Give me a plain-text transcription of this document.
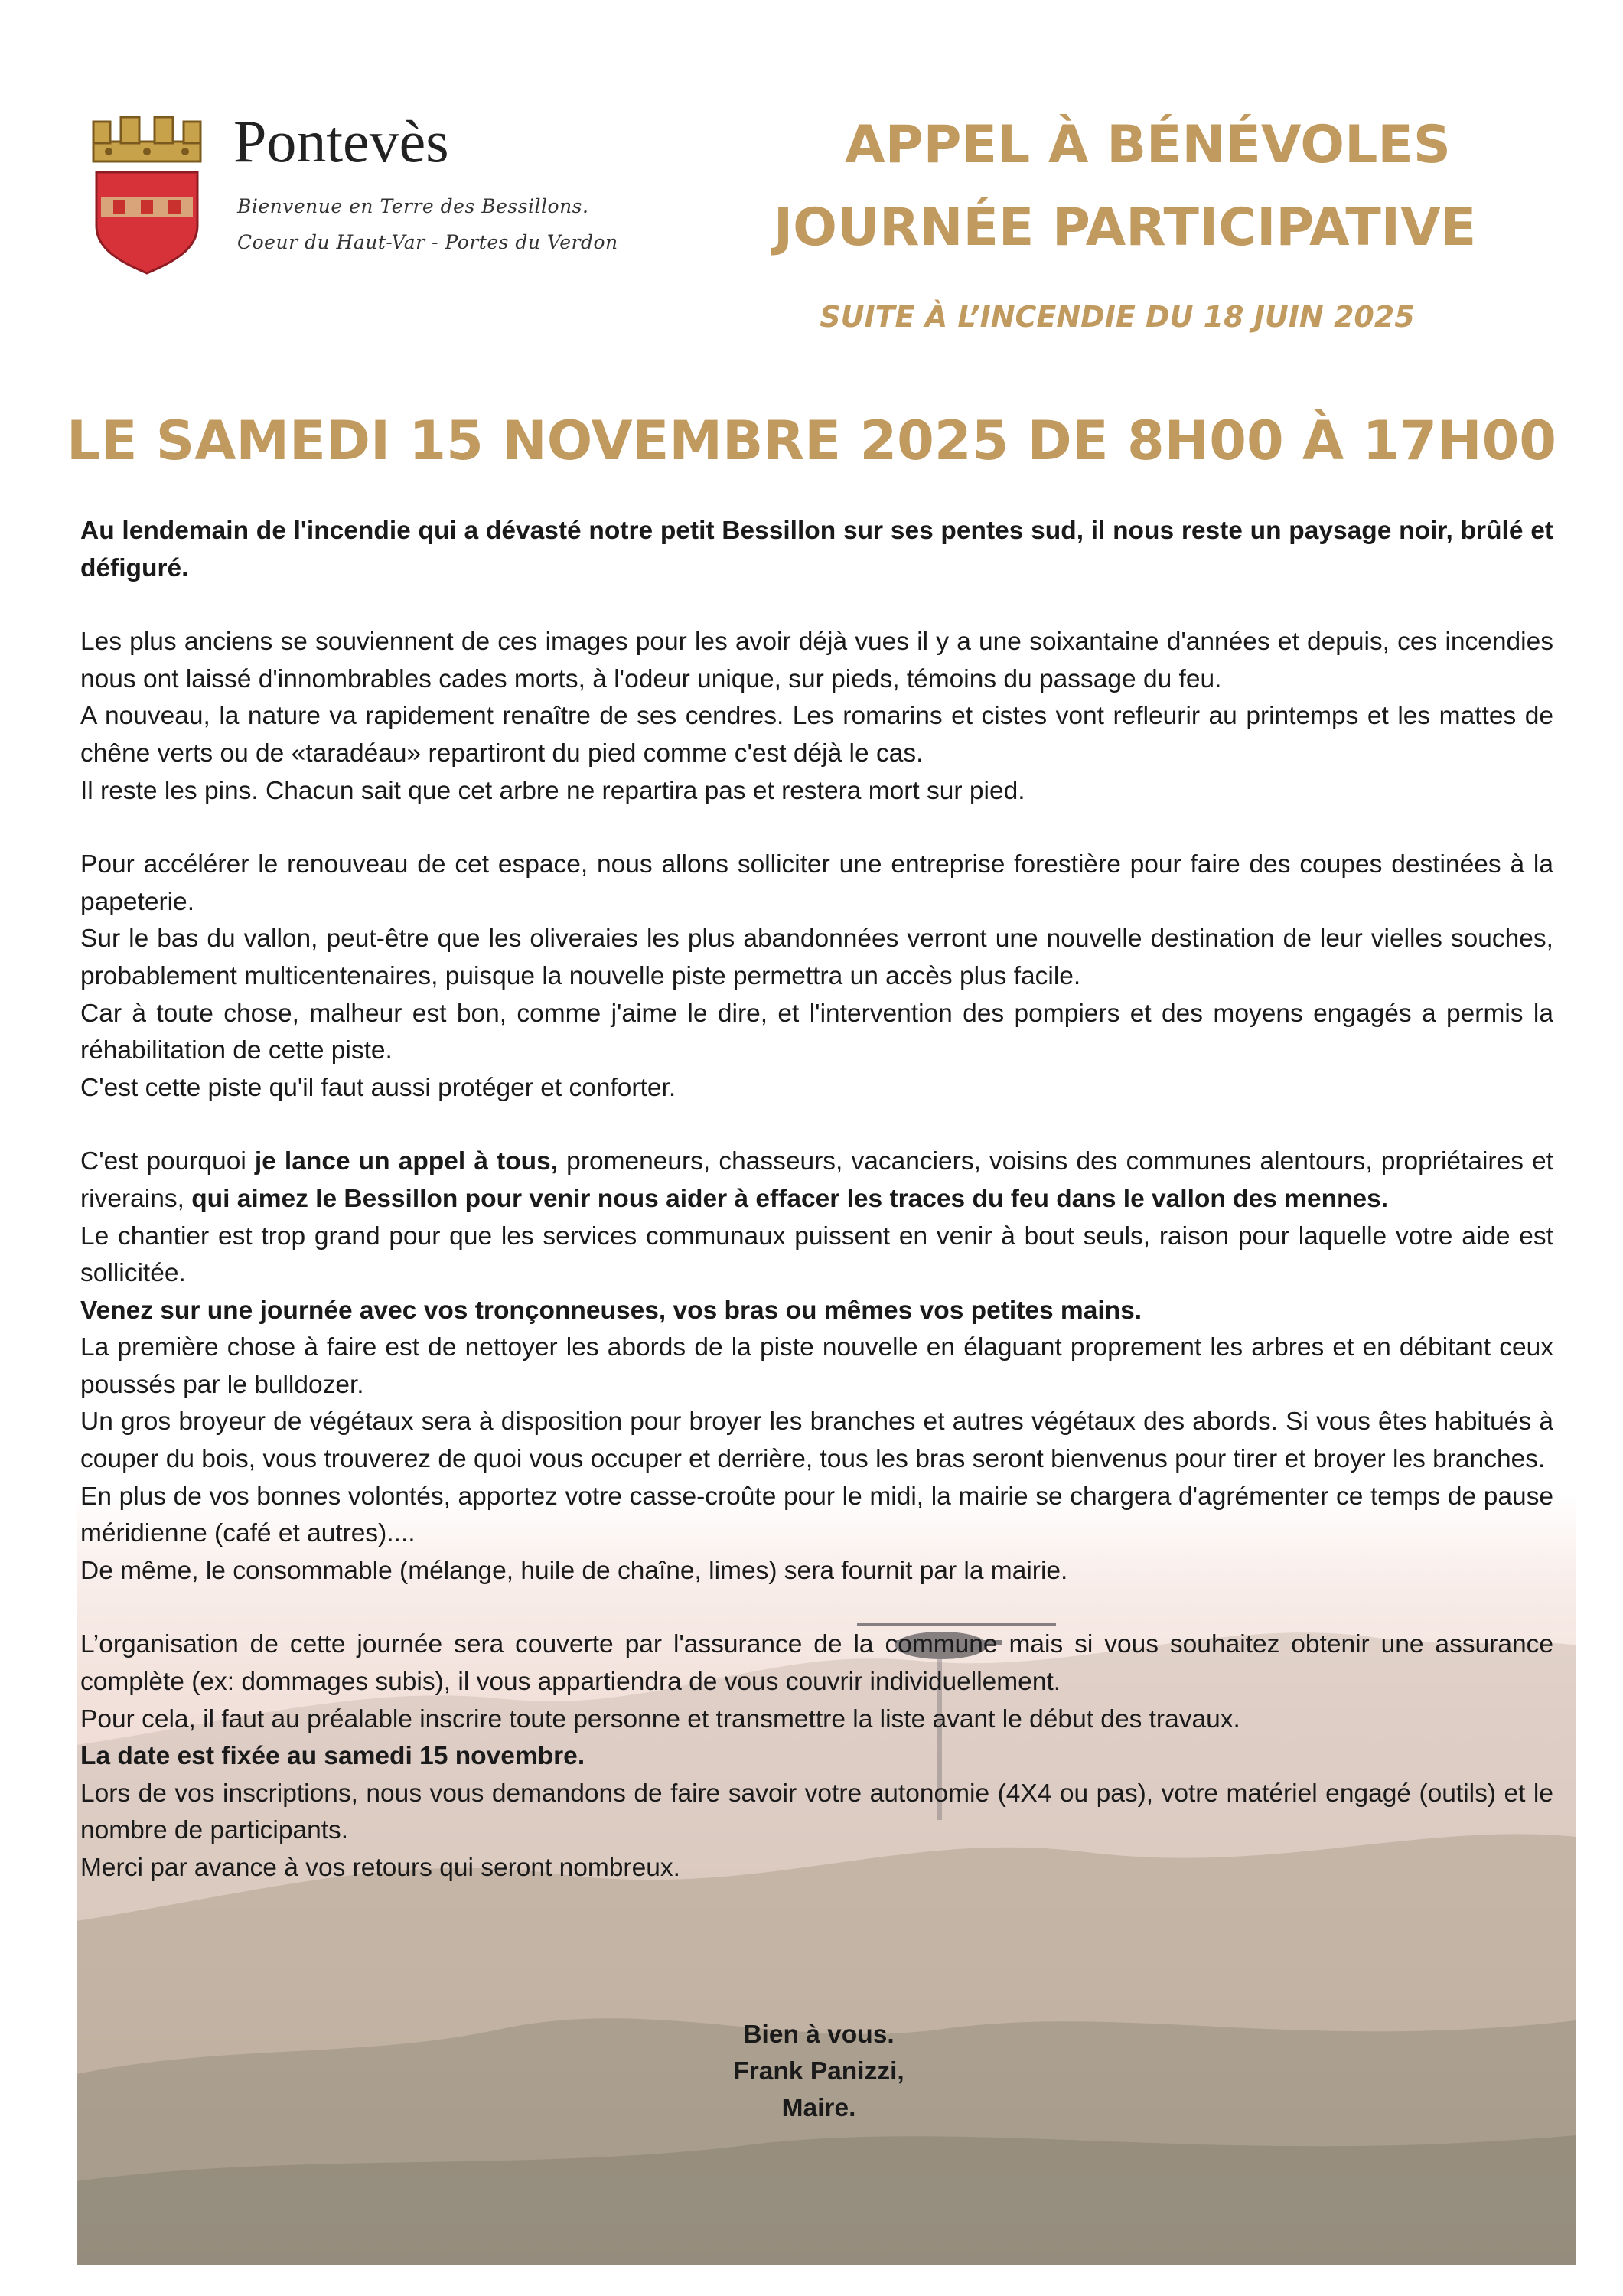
Pontevès
Bienvenue en Terre des Bessillons.
Coeur du Haut-Var - Portes du Verdon
APPEL À BÉNÉVOLES
JOURNÉE PARTICIPATIVE
SUITE À L’INCENDIE DU 18 JUIN 2025
LE SAMEDI 15 NOVEMBRE 2025 DE 8H00 À 17H00

Au lendemain de l'incendie qui a dévasté notre petit Bessillon sur ses pentes sud, il nous reste un paysage noir, brûlé et défiguré.

Les plus anciens se souviennent de ces images pour les avoir déjà vues il y a une soixantaine d'années et depuis, ces incendies nous ont laissé d'innombrables cades morts, à l'odeur unique, sur pieds, témoins du passage du feu.
A nouveau, la nature va rapidement renaître de ses cendres. Les romarins et cistes vont refleurir au printemps et les mattes de chêne verts ou de «taradéau» repartiront du pied comme c'est déjà le cas.
Il reste les pins. Chacun sait que cet arbre ne repartira pas et restera mort sur pied.

Pour accélérer le renouveau de cet espace, nous allons solliciter une entreprise forestière pour faire des coupes destinées à la papeterie.
Sur le bas du vallon, peut-être que les oliveraies les plus abandonnées verront une nouvelle destination de leur vielles souches, probablement multicentenaires, puisque la nouvelle piste permettra un accès plus facile.
Car à toute chose, malheur est bon, comme j'aime le dire, et l'intervention des pompiers et des moyens engagés a permis la réhabilitation de cette piste.
C'est cette piste qu'il faut aussi protéger et conforter.

C'est pourquoi je lance un appel à tous, promeneurs, chasseurs, vacanciers, voisins des communes alentours, propriétaires et riverains, qui aimez le Bessillon pour venir nous aider à effacer les traces du feu dans le vallon des mennes.
Le chantier est trop grand pour que les services communaux puissent en venir à bout seuls, raison pour laquelle votre aide est sollicitée.
Venez sur une journée avec vos tronçonneuses, vos bras ou mêmes vos petites mains.
La première chose à faire est de nettoyer les abords de la piste nouvelle en élaguant proprement les arbres et en débitant ceux poussés par le bulldozer.
Un gros broyeur de végétaux sera à disposition pour broyer les branches et autres végétaux des abords. Si vous êtes habitués à couper du bois, vous trouverez de quoi vous occuper et derrière, tous les bras seront bienvenus pour tirer et broyer les branches.
En plus de vos bonnes volontés, apportez votre casse-croûte pour le midi, la mairie se chargera d'agrémenter ce temps de pause méridienne (café et autres)....
De même, le consommable (mélange, huile de chaîne, limes) sera fournit par la mairie.

L’organisation de cette journée sera couverte par l'assurance de la commune mais si vous souhaitez obtenir une assurance complète (ex: dommages subis), il vous appartiendra de vous couvrir individuellement.
Pour cela, il faut au préalable inscrire toute personne et transmettre la liste avant le début des travaux.
La date est fixée au samedi 15 novembre.
Lors de vos inscriptions, nous vous demandons de faire savoir votre autonomie (4X4 ou pas), votre matériel engagé (outils) et le nombre de participants.
Merci par avance à vos retours qui seront nombreux.

Bien à vous.
Frank Panizzi,
Maire.
